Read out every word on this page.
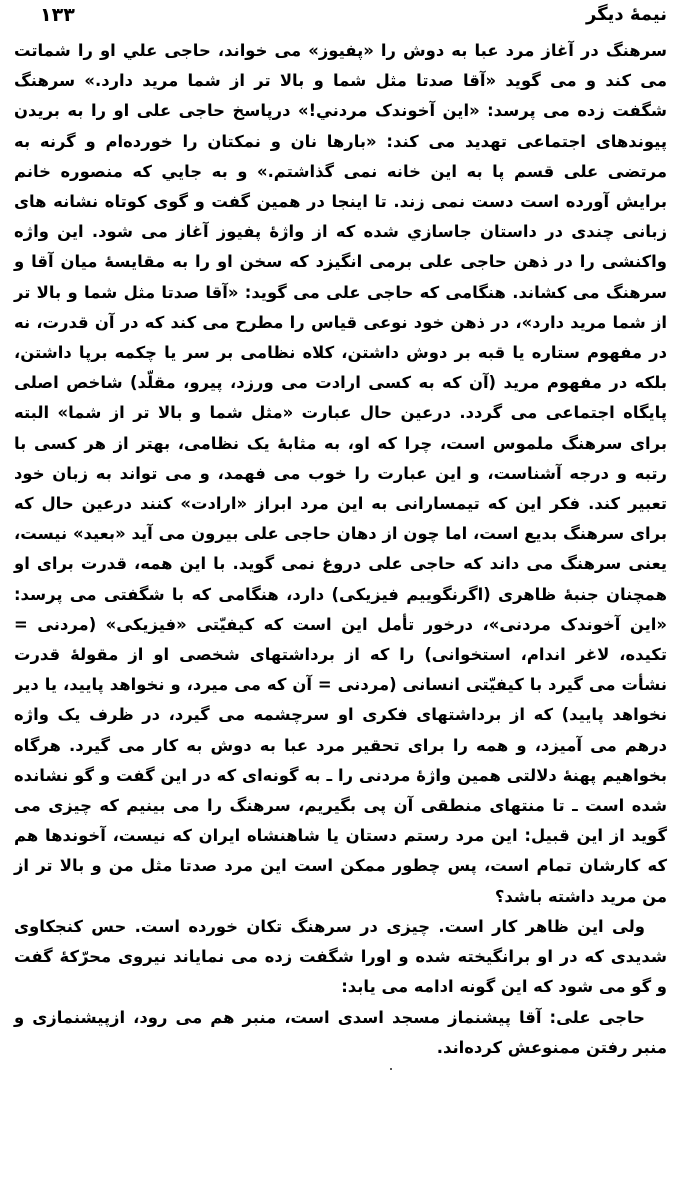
۱۳۳	نیمهٔ دیگر

سرهنگ در آغاز مرد عبا به دوش را «پفیوز» می خواند، حاجی علي او را شماتت می کند و می گوید «آقا صدتا مثل شما و بالا تر از شما مرید دارد.» سرهنگ شگفت زده می پرسد: «این آخوندک مردني!» درپاسخ حاجی علی او را به بریدن پیوندهای اجتماعی تهدید می کند: «بارها نان و نمکتان را خورده‌ام و گرنه به مرتضی علی قسم پا به این خانه نمی گذاشتم.» و به جایي که منصوره خانم برایش آورده است دست نمی زند. تا اینجا در همین گفت و گوی کوتاه نشانه های زبانی چندی در داستان جاسازي شده که از واژهٔ پفیوز آغاز می شود. این واژه واکنشی را در ذهن حاجی علی برمی انگیزد که سخن او را به مقایسهٔ میان آقا و سرهنگ می کشاند. هنگامی که حاجی علی می گوید: «آقا صدتا مثل شما و بالا تر از شما مرید دارد»، در ذهن خود نوعی قیاس را مطرح می کند که در آن قدرت، نه در مفهوم ستاره یا قبه بر دوش داشتن، کلاه نظامی بر سر یا چکمه برپا داشتن، بلکه در مفهوم مرید (آن که به کسی ارادت می ورزد، پیرو، مقلّد) شاخص اصلی پایگاه اجتماعی می گردد. درعین حال عبارت «مثل شما و بالا تر از شما» البته برای سرهنگ ملموس است، چرا که او، به مثابهٔ یک نظامی، بهتر از هر کسی با رتبه و درجه آشناست، و این عبارت را خوب می فهمد، و می تواند به زبان خود تعبیر کند. فکر این که تیمسارانی به این مرد ابراز «ارادت» کنند درعین حال که برای سرهنگ بدیع است، اما چون از دهان حاجی علی بیرون می آید «بعید» نیست، یعنی سرهنگ می داند که حاجی علی دروغ نمی گوید. با این همه، قدرت برای او همچنان جنبهٔ ظاهری (اگرنگوییم فیزیکی) دارد، هنگامی که با شگفتی می پرسد: «این آخوندک مردنی»، درخور تأمل این است که کیفیّتی «فیزیکی» (مردنی = تکیده، لاغر اندام، استخوانی) را که از برداشتهای شخصی او از مقولهٔ قدرت نشأت می گیرد با کیفیّتی انسانی (مردنی = آن که می میرد، و نخواهد پایید، یا دیر نخواهد پایید) که از برداشتهای فکری او سرچشمه می گیرد، در ظرف یک واژه درهم می آمیزد، و همه را برای تحقیر مرد عبا به دوش به کار می گیرد. هرگاه بخواهیم پهنهٔ دلالتی همین واژهٔ مردنی را ـ به گونه‌ای که در این گفت و گو نشانده شده است ـ تا منتهای منطقی آن پی بگیریم، سرهنگ را می بینیم که چیزی می گوید از این قبیل: این مرد رستم دستان یا شاهنشاه ایران که نیست، آخوندها هم که کارشان تمام است، پس چطور ممکن است این مرد صدتا مثل من و بالا تر از من مرید داشته باشد؟

ولی این ظاهر کار است. چیزی در سرهنگ تکان خورده است. حس کنجکاوی شدیدی که در او برانگیخته شده و اورا شگفت زده می نمایاند نیروی محرّکهٔ گفت و گو می شود که این گونه ادامه می یابد:

حاجی علی: آقا پیشنماز مسجد اسدی است، منبر هم می رود، ازپیشنمازی و منبر رفتن ممنوعش کرده‌اند.
